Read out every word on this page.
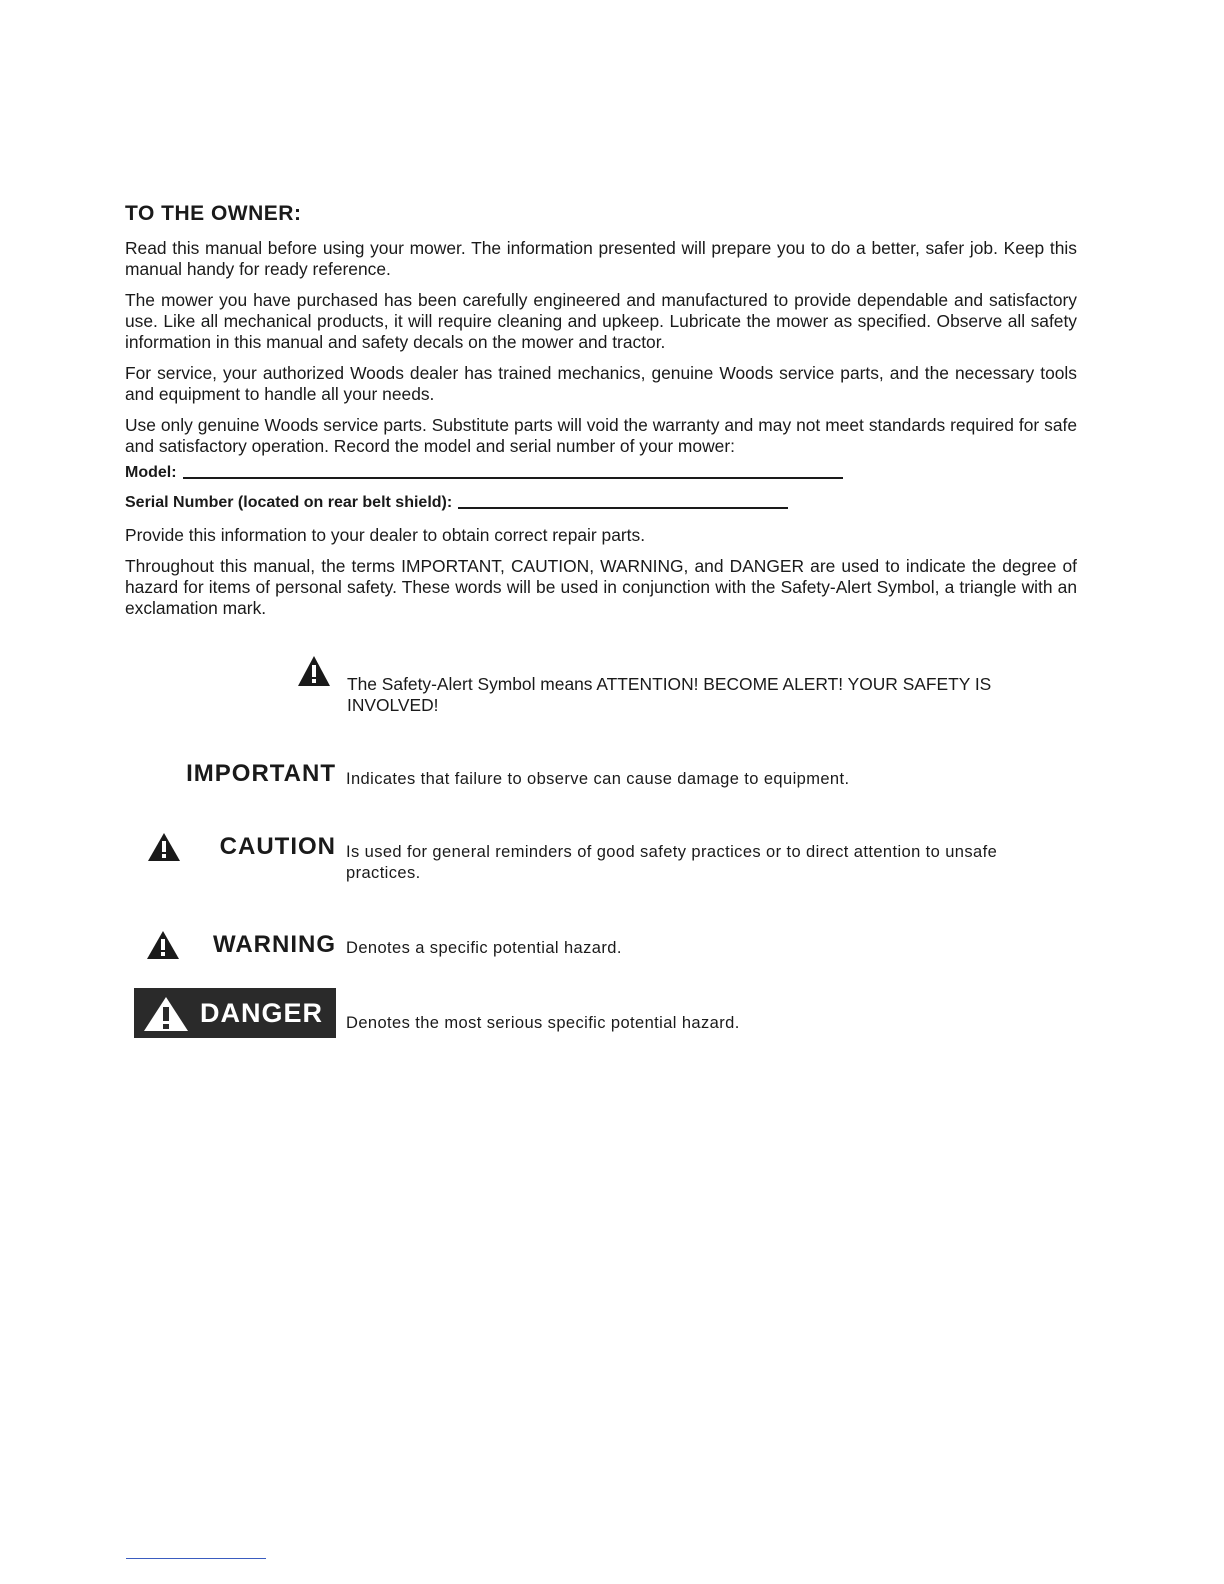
TO THE OWNER:

Read this manual before using your mower. The information presented will prepare you to do a better, safer job. Keep this manual handy for ready reference.

The mower you have purchased has been carefully engineered and manufactured to provide dependable and satisfactory use. Like all mechanical products, it will require cleaning and upkeep. Lubricate the mower as specified. Observe all safety information in this manual and safety decals on the mower and tractor.

For service, your authorized Woods dealer has trained mechanics, genuine Woods service parts, and the necessary tools and equipment to handle all your needs.

Use only genuine Woods service parts. Substitute parts will void the warranty and may not meet standards required for safe and satisfactory operation. Record the model and serial number of your mower:

Model:
Serial Number (located on rear belt shield):

Provide this information to your dealer to obtain correct repair parts.

Throughout this manual, the terms IMPORTANT, CAUTION, WARNING, and DANGER are used to indicate the degree of hazard for items of personal safety. These words will be used in conjunction with the Safety-Alert Symbol, a triangle with an exclamation mark.

The Safety-Alert Symbol means ATTENTION! BECOME ALERT! YOUR SAFETY IS INVOLVED!
IMPORTANT Indicates that failure to observe can cause damage to equipment.
CAUTION Is used for general reminders of good safety practices or to direct attention to unsafe practices.
WARNING Denotes a specific potential hazard.
DANGER Denotes the most serious specific potential hazard.
